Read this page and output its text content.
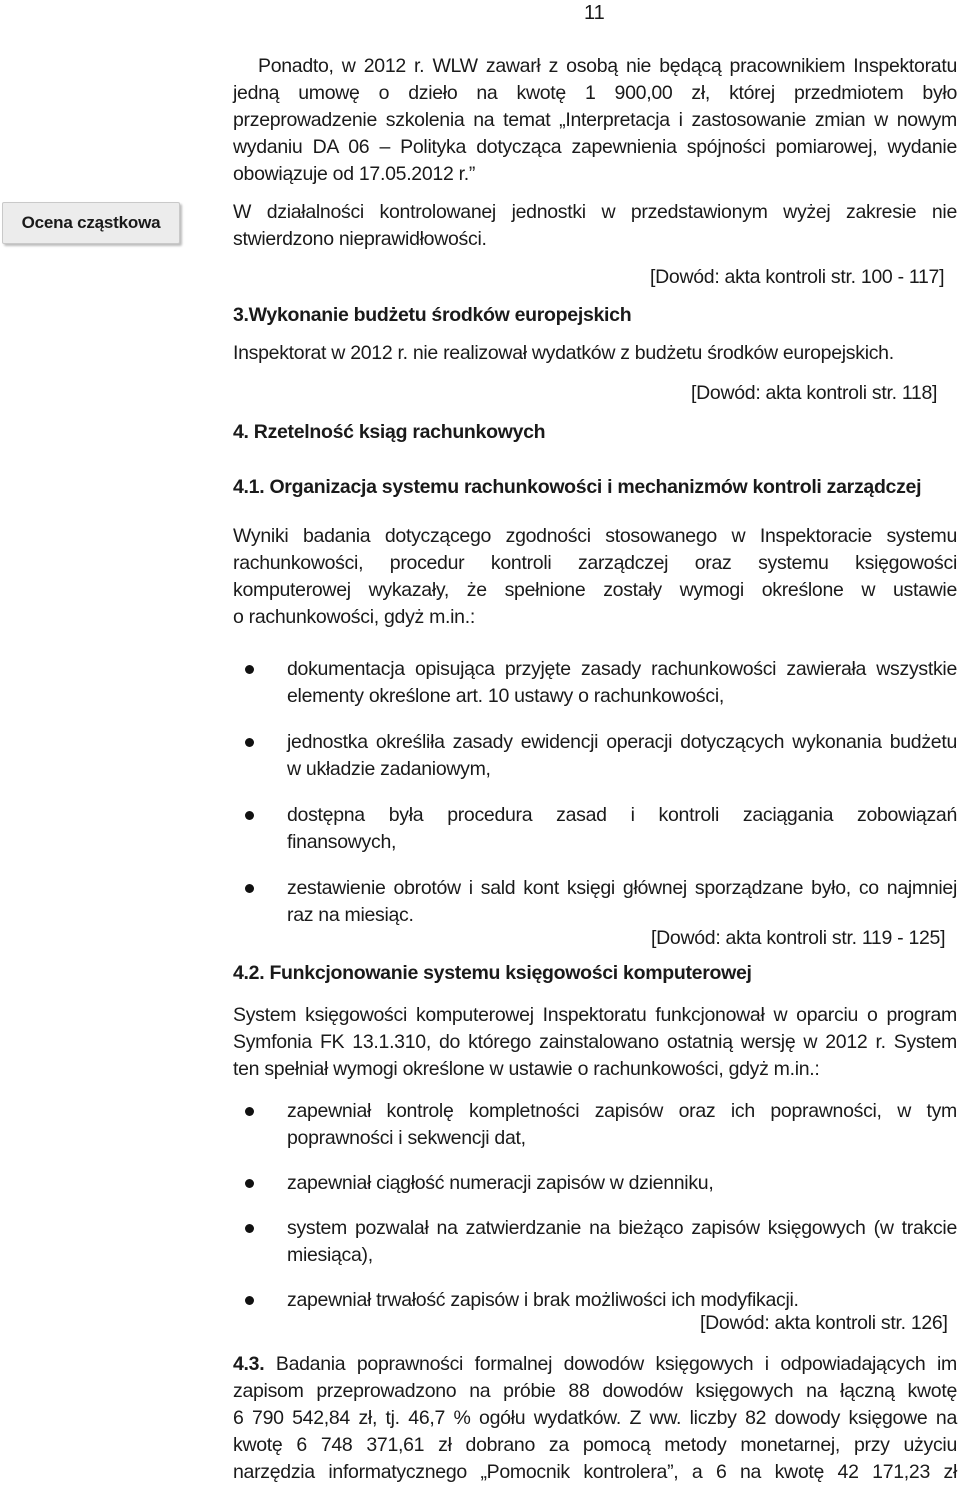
11
Ocena cząstkowa
Ponadto, w 2012 r. WLW zawarł z osobą nie będącą pracownikiem Inspektoratu
jedną umowę o dzieło na kwotę 1 900,00 zł, której przedmiotem było
przeprowadzenie szkolenia na temat „Interpretacja i zastosowanie zmian w nowym
wydaniu DA 06 – Polityka dotycząca zapewnienia spójności pomiarowej, wydanie
obowiązuje od 17.05.2012 r.”
W działalności kontrolowanej jednostki w przedstawionym wyżej zakresie nie
stwierdzono nieprawidłowości.
[Dowód: akta kontroli str. 100 - 117]
3.Wykonanie budżetu środków europejskich
Inspektorat w 2012 r. nie realizował wydatków z budżetu środków europejskich.
[Dowód: akta kontroli str. 118]
4. Rzetelność ksiąg rachunkowych
4.1. Organizacja systemu rachunkowości i mechanizmów kontroli zarządczej
Wyniki badania dotyczącego zgodności stosowanego w Inspektoracie systemu
rachunkowości, procedur kontroli zarządczej oraz systemu księgowości
komputerowej wykazały, że spełnione zostały wymogi określone w ustawie
o rachunkowości, gdyż m.in.:
dokumentacja opisująca przyjęte zasady rachunkowości zawierała wszystkie
elementy określone art. 10 ustawy o rachunkowości,
jednostka określiła zasady ewidencji operacji dotyczących wykonania budżetu
w układzie zadaniowym,
dostępna była procedura zasad i kontroli zaciągania zobowiązań
finansowych,
zestawienie obrotów i sald kont księgi głównej sporządzane było, co najmniej
raz na miesiąc.
[Dowód: akta kontroli str. 119 - 125]
4.2. Funkcjonowanie systemu księgowości komputerowej
System księgowości komputerowej Inspektoratu funkcjonował w oparciu o program
Symfonia FK 13.1.310, do którego zainstalowano ostatnią wersję w 2012 r. System
ten spełniał wymogi określone w ustawie o rachunkowości, gdyż m.in.:
zapewniał kontrolę kompletności zapisów oraz ich poprawności, w tym
poprawności i sekwencji dat,
zapewniał ciągłość numeracji zapisów w dzienniku,
system pozwalał na zatwierdzanie na bieżąco zapisów księgowych (w trakcie
miesiąca),
zapewniał trwałość zapisów i brak możliwości ich modyfikacji.
[Dowód: akta kontroli str. 126]
4.3. Badania poprawności formalnej dowodów księgowych i odpowiadających im
zapisom przeprowadzono na próbie 88 dowodów księgowych na łączną kwotę
6 790 542,84 zł, tj. 46,7 % ogółu wydatków. Z ww. liczby 82 dowody księgowe na
kwotę 6 748 371,61 zł dobrano za pomocą metody monetarnej, przy użyciu
narzędzia informatycznego „Pomocnik kontrolera”, a 6 na kwotę 42 171,23 zł
